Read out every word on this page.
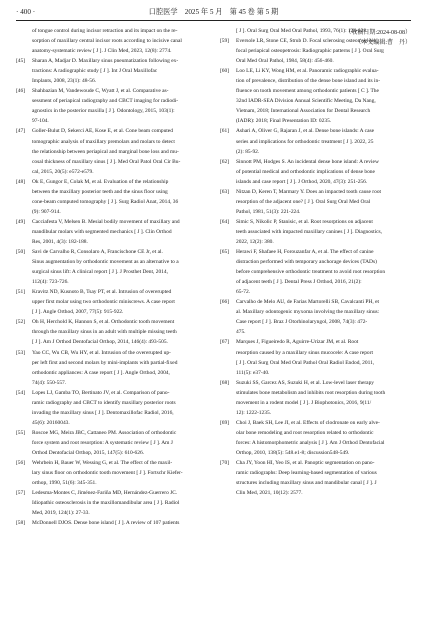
· 400 ·	口腔医学　2025 年 5 月　第 45 卷 第 5 期
of tongue control during incisor retraction and its impact on the re-
sorption of maxillary central incisor roots according to incisive canal
anatomy-systematic review [ J ]. J Clin Med, 2023, 12(8): 2774.
[45] Sharan A, Madjar D. Maxillary sinus pneumatization following ex-
tractions: A radiographic study [ J ]. Int J Oral Maxillofac
Implants, 2008, 23(1): 48-56.
[46] Shahbazian M, Vandewoude C, Wyatt J, et al. Comparative as-
sessment of periapical radiography and CBCT imaging for radiodi-
agnostics in the posterior maxilla [ J ]. Odontology, 2015, 103(1):
97-104.
[47] Goller-Bulut D, Sekerci AE, Kose E, et al. Cone beam computed
tomographic analysis of maxillary premolars and molars to detect
the relationship between periapical and marginal bone loss and mu-
cosal thickness of maxillary sinus [ J ]. Med Oral Patol Oral Cir Bu-
cal, 2015, 20(5): e572-e579.
[48] Ok E, Gungor E, Colak M, et al. Evaluation of the relationship
between the maxillary posterior teeth and the sinus floor using
cone-beam computed tomography [ J ]. Surg Radiol Anat, 2014, 36
(9): 907-914.
[49] Cacciafesta V, Melsen B. Mesial bodily movement of maxillary and
mandibular molars with segmented mechanics [ J ]. Clin Orthod
Res, 2001, 4(3): 182-188.
[50] Savi de Carvalho R, Consolaro A, Francischone CE Jr, et al.
Sinus augmentation by orthodontic movement as an alternative to a
surgical sinus lift: A clinical report [ J ]. J Prosthet Dent, 2014,
112(4): 723-726.
[51] Kravitz ND, Kusnoto B, Tsay PT, et al. Intrusion of overerupted
upper first molar using two orthodontic miniscrews. A case report
[ J ]. Angle Orthod, 2007, 77(5): 915-922.
[52] Oh H, Herchold K, Hannon S, et al. Orthodontic tooth movement
through the maxillary sinus in an adult with multiple missing teeth
[ J ]. Am J Orthod Dentofacial Orthop, 2014, 146(4): 493-505.
[53] Yao CC, Wu CB, Wu HY, et al. Intrusion of the overerupted up-
per left first and second molars by mini-implants with partial-fixed
orthodontic appliances: A case report [ J ]. Angle Orthod, 2004,
74(4): 550-557.
[54] Lopes LJ, Gamba TO, Bertinato JV, et al. Comparison of pano-
ramic radiography and CBCT to identify maxillary posterior roots
invading the maxillary sinus [ J ]. Dentomaxillofac Radiol, 2016,
45(6): 20160043.
[55] Roscoe MG, Meira JBC, Cattaneo PM. Association of orthodontic
force system and root resorption: A systematic review [ J ]. Am J
Orthod Dentofacial Orthop, 2015, 147(5): 610-626.
[56] Wehrbein H, Bauer W, Wessing G, et al. The effect of the maxil-
lary sinus floor on orthodontic tooth movement [ J ]. Fortschr Kiefer-
orthop, 1990, 51(6): 345-351.
[57] Ledesma-Montes C, Jiménez-Fariña MD, Hernández-Guerrero JC.
Idiopathic osteosclerosis in the maxillomandibular area [ J ]. Radiol
Med, 2019, 124(1): 27-33.
[58] McDonnell DJOS. Dense bone island [ J ]. A review of 107 patients
[ J ]. Oral Surg Oral Med Oral Pathol, 1993, 76(1): 124-128.
[59] Eversole LR, Stone CE, Strub D. Focal sclerosing osteomyelitis/
focal periapical osteopetrosis: Radiographic patterns [ J ]. Oral Surg
Oral Med Oral Pathol, 1984, 58(4): 456-460.
[60] Loo LE, Li KY, Wong HM, et al. Panoramic radiographic evalua-
tion of prevalence, distribution of the dense bone island and its in-
fluence on tooth movement among orthodontic patients [ C ]. The
32nd IADR-SEA Division Annual Scientific Meeting, Da Nang,
Vietnam, 2018; International Association for Dental Research
(IADR): 2018; Final Presentation ID: 0235.
[61] Ashari A, Oliver G, Rajaran J, et al. Dense bone islands: A case
series and implications for orthodontic treatment [ J ]. 2022, 25
(2): 85-92.
[62] Sinnott PM, Hodges S. An incidental dense bone island: A review
of potential medical and orthodontic implications of dense bone
islands and case report [ J ]. J Orthod, 2020, 47(3): 251-256.
[63] Nitzan D, Keren T, Marmary Y. Does an impacted tooth cause root
resorption of the adjacent one? [ J ]. Oral Surg Oral Med Oral
Pathol, 1981, 51(3): 221-224.
[64] Simic S, Nikolic P, Stanisic, et al. Root resorptions on adjacent
teeth associated with impacted maxillary canines [ J ]. Diagnostics,
2022, 12(2): 380.
[65] Herawi F, Shafaee H, Forouzanfar A, et al. The effect of canine
distraction performed with temporary anchorage devices (TADs)
before comprehensive orthodontic treatment to avoid root resorption
of adjacent teeth [ J ]. Dental Press J Orthod, 2016, 21(2):
65-72.
[66] Carvalho de Melo AU, de Farias Martorelli SB, Cavalcanti PH, et
al. Maxillary odontogenic myxoma involving the maxillary sinus:
Case report [ J ]. Braz J Otorhinolaryngol, 2008, 74(3): 472-
475.
[67] Marques J, Figueiredo R, Aguirre-Urizar JM, et al. Root
resorption caused by a maxillary sinus mucocele: A case report
[ J ]. Oral Surg Oral Med Oral Pathol Oral Radiol Endod, 2011,
111(5): e37-40.
[68] Suzuki SS, Garcez AS, Suzuki H, et al. Low-level laser therapy
stimulates bone metabolism and inhibits root resorption during tooth
movement in a rodent model [ J ]. J Biophotonics, 2016, 9(11/
12): 1222-1235.
[69] Choi J, Baek SH, Lee JI, et al. Effects of clodronate on early alve-
olar bone remodeling and root resorption related to orthodontic
forces: A histomorphometric analysis [ J ]. Am J Orthod Dentofacial
Orthop, 2010, 138(5): 548.e1-8; discussion548-549.
[70] Cha JY, Yoon HI, Yeo IS, et al. Panoptic segmentation on pano-
ramic radiographs: Deep learning-based segmentation of various
structures including maxillary sinus and mandibular canal [ J ]. J
Clin Med, 2021, 10(12): 2577.
（收稿日期:2024-08-08）
（本文编辑:曹　丹）
